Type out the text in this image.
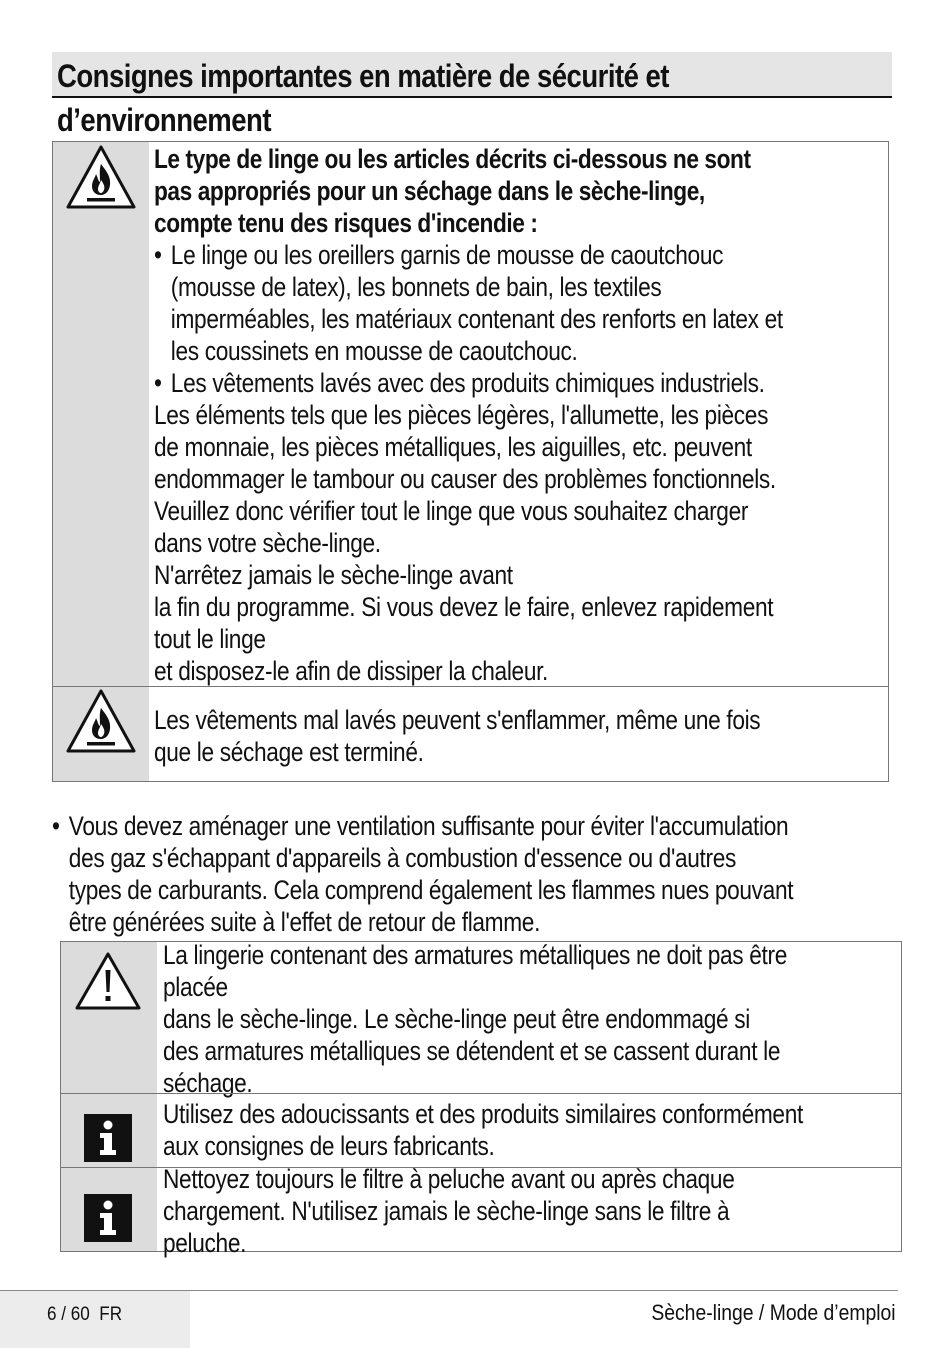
Consignes importantes en matière de sécurité et d’environnement
Le type de linge ou les articles décrits ci-dessous ne sont
pas appropriés pour un séchage dans le sèche-linge,
compte tenu des risques d'incendie :
• Le linge ou les oreillers garnis de mousse de caoutchouc
(mousse de latex), les bonnets de bain, les textiles
imperméables, les matériaux contenant des renforts en latex et
les coussinets en mousse de caoutchouc.
• Les vêtements lavés avec des produits chimiques industriels.
Les éléments tels que les pièces légères, l'allumette, les pièces
de monnaie, les pièces métalliques, les aiguilles, etc. peuvent
endommager le tambour ou causer des problèmes fonctionnels.
Veuillez donc vérifier tout le linge que vous souhaitez charger
dans votre sèche-linge.
N'arrêtez jamais le sèche-linge avant
la fin du programme. Si vous devez le faire, enlevez rapidement
tout le linge
et disposez-le afin de dissiper la chaleur.
Les vêtements mal lavés peuvent s'enflammer, même une fois
que le séchage est terminé.
• Vous devez aménager une ventilation suffisante pour éviter l'accumulation
des gaz s'échappant d'appareils à combustion d'essence ou d'autres
types de carburants. Cela comprend également les flammes nues pouvant
être générées suite à l'effet de retour de flamme.
La lingerie contenant des armatures métalliques ne doit pas être
placée
dans le sèche-linge. Le sèche-linge peut être endommagé si
des armatures métalliques se détendent et se cassent durant le
séchage.
Utilisez des adoucissants et des produits similaires conformément
aux consignes de leurs fabricants.
Nettoyez toujours le filtre à peluche avant ou après chaque
chargement. N'utilisez jamais le sèche-linge sans le filtre à
peluche.
6 / 60 FR	Sèche-linge / Mode d’emploi
